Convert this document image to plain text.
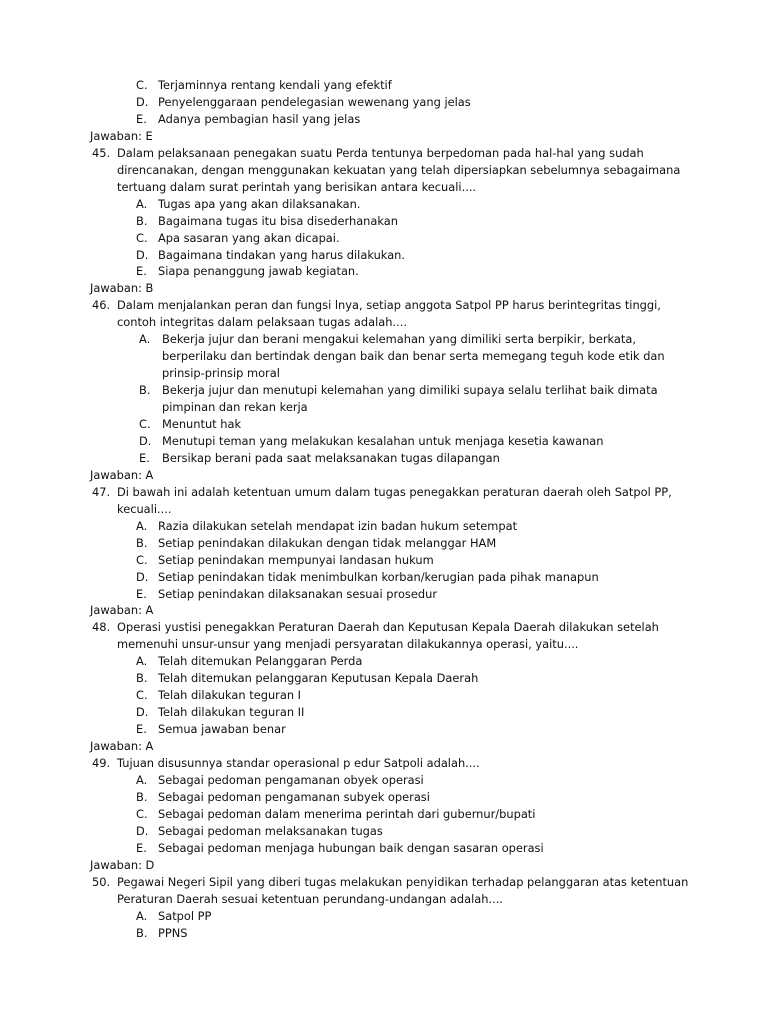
C. Terjaminnya rentang kendali yang efektif
D. Penyelenggaraan pendelegasian wewenang yang jelas
E. Adanya pembagian hasil yang jelas
Jawaban: E
45. Dalam pelaksanaan penegakan suatu Perda tentunya berpedoman pada hal-hal yang sudah
direncanakan, dengan menggunakan kekuatan yang telah dipersiapkan sebelumnya sebagaimana
tertuang dalam surat perintah yang berisikan antara kecuali....
A. Tugas apa yang akan dilaksanakan.
B. Bagaimana tugas itu bisa disederhanakan
C. Apa sasaran yang akan dicapai.
D. Bagaimana tindakan yang harus dilakukan.
E. Siapa penanggung jawab kegiatan.
Jawaban: B
46. Dalam menjalankan peran dan fungsi lnya, setiap anggota Satpol PP harus berintegritas tinggi,
contoh integritas dalam pelaksaan tugas adalah....
A. Bekerja jujur dan berani mengakui kelemahan yang dimiliki serta berpikir, berkata,
berperilaku dan bertindak dengan baik dan benar serta memegang teguh kode etik dan
prinsip-prinsip moral
B. Bekerja jujur dan menutupi kelemahan yang dimiliki supaya selalu terlihat baik dimata
pimpinan dan rekan kerja
C. Menuntut hak
D. Menutupi teman yang melakukan kesalahan untuk menjaga kesetia kawanan
E. Bersikap berani pada saat melaksanakan tugas dilapangan
Jawaban: A
47. Di bawah ini adalah ketentuan umum dalam tugas penegakkan peraturan daerah oleh Satpol PP,
kecuali....
A. Razia dilakukan setelah mendapat izin badan hukum setempat
B. Setiap penindakan dilakukan dengan tidak melanggar HAM
C. Setiap penindakan mempunyai landasan hukum
D. Setiap penindakan tidak menimbulkan korban/kerugian pada pihak manapun
E. Setiap penindakan dilaksanakan sesuai prosedur
Jawaban: A
48. Operasi yustisi penegakkan Peraturan Daerah dan Keputusan Kepala Daerah dilakukan setelah
memenuhi unsur-unsur yang menjadi persyaratan dilakukannya operasi, yaitu....
A. Telah ditemukan Pelanggaran Perda
B. Telah ditemukan pelanggaran Keputusan Kepala Daerah
C. Telah dilakukan teguran I
D. Telah dilakukan teguran II
E. Semua jawaban benar
Jawaban: A
49. Tujuan disusunnya standar operasional p edur Satpoli adalah....
A. Sebagai pedoman pengamanan obyek operasi
B. Sebagai pedoman pengamanan subyek operasi
C. Sebagai pedoman dalam menerima perintah dari gubernur/bupati
D. Sebagai pedoman melaksanakan tugas
E. Sebagai pedoman menjaga hubungan baik dengan sasaran operasi
Jawaban: D
50. Pegawai Negeri Sipil yang diberi tugas melakukan penyidikan terhadap pelanggaran atas ketentuan
Peraturan Daerah sesuai ketentuan perundang-undangan adalah....
A. Satpol PP
B. PPNS
